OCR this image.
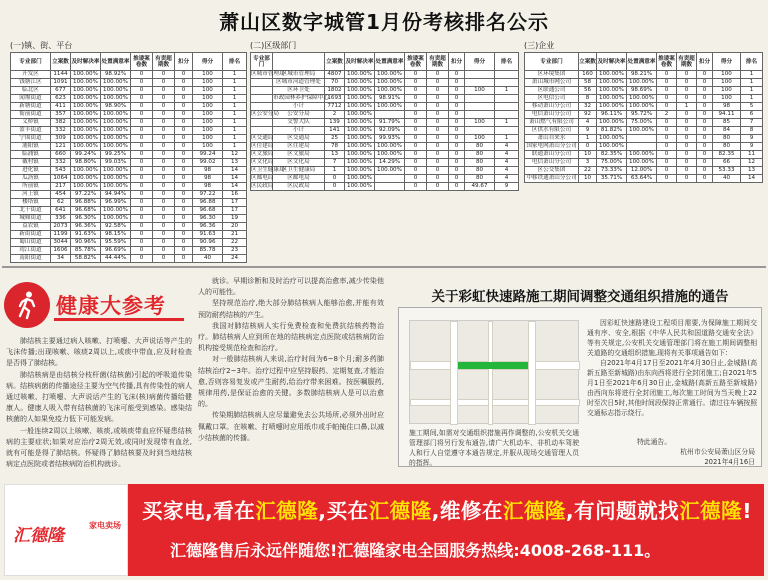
萧山区数字城管1月份考核排名公示
(一)镇、街、平台
专业部门	立案数	及时解决率	处置满意率	推诿案卷数	有责超期数	扣分	得分	排名
开发区	1144	100.00%	98.92%	0	0	0	100	1
钱塘江区	1091	100.00%	100.00%	0	0	0	100	1
临北区	677	100.00%	100.00%	0	0	0	100	1
闻堰街道	623	100.00%	100.00%	0	0	0	100	1
新塘街道	411	100.00%	98.90%	0	0	0	100	1
衙前街道	357	100.00%	100.00%	0	0	0	100	1
义桥镇	382	100.00%	100.00%	0	0	0	100	1
盈丰街道	332	100.00%	100.00%	0	0	0	100	1
宁围街道	309	100.00%	100.00%	0	0	0	100	1
浦阳镇	121	100.00%	100.00%	0	0	0	100	1
临浦镇	660	99.24%	99.25%	0	0	0	99.24	12
戴村镇	332	98.80%	99.03%	0	0	0	99.02	13
进化镇	543	100.00%	100.00%	0	0	0	98	14
瓜沥镇	1064	100.00%	100.00%	0	0	0	98	14
所前镇	217	100.00%	100.00%	0	0	0	98	14
河上镇	454	97.22%	94.94%	0	0	0	97.22	16
楼塔镇	62	96.88%	96.99%	0	0	0	96.88	17
北干街道	641	96.68%	100.00%	0	0	0	96.68	17
城厢街道	336	96.30%	100.00%	0	0	0	96.30	19
益农镇	2073	96.36%	92.58%	0	0	0	96.36	20
新街街道	1199	91.63%	98.15%	0	0	0	91.63	21
蜀山街道	3044	90.96%	95.59%	0	0	0	90.96	22
靖江街道	1606	85.78%	96.69%	0	0	0	85.78	23
南阳街道	34	58.82%	44.44%	0	0	0	40	24
(二)区级部门
专业部门		立案数	及时解决率	处置满意率	推诿案卷数	有责超期数	扣分	得分	排名
区城市管理局	区城市管理局	4807	100.00%	100.00%	0	0	0		
	区城市河道管理处	70	100.00%	100.00%	0	0	0		
	区环卫处	1802	100.00%	100.00%	0	0	0	100	1
	市政园林养护保障中心	1693	100.00%	98.91%	0	0	0		
	小计	7712	100.00%	100.00%	0	0	0		
区公安分局	公安分局	2	100.00%		0	0	0		
	交警大队	139	100.00%	91.79%	0	0	0	100	1
	小计	141	100.00%	92.09%	0	0	0		
区交通局	区交通局	25	100.00%	99.93%	0	0	0	100	1
区住建局	区住建局	78	100.00%	100.00%	0	0	0	80	4
区文旅局	区文旅局	13	100.00%	100.00%	0	0	0	80	4
区文化局	区文化局	7	100.00%	14.29%	0	0	0	80	4
区卫生健康局	区卫生健康局	1	100.00%	100.00%	0	0	0	80	4
区邮电局	区邮电局	0	100.00%		0	0	0	80	4
区民政局	区民政局	0	100.00%		0	0	0	49.67	9
(三)企业
专业部门	立案数	及时解决率	处置满意率	推诿案卷数	有责超期数	扣分	得分	排名
区环境集团	160	100.00%	98.21%	0	0	0	100	1
萧山城市网公司	58	100.00%	100.00%	0	0	0	100	1
区联通公司	56	100.00%	98.69%	0	0	0	100	1
区电信公司	8	100.00%	100.00%	0	0	0	100	1
移动萧山分公司	32	100.00%	100.00%	0	1	0	98	5
电信萧山分公司	92	96.11%	95.72%	2	0	0	94.11	6
萧山燃气有限公司	4	100.00%	75.00%	0	0	0	85	7
区供水有限公司	9	81.82%	100.00%	0	0	0	84	8
萧山自来水	1	100.00%		0	0	0	80	9
国家电网萧山分公司	0	100.00%		0	0	0	80	9
联通萧山分公司	10	82.35%	100.00%	0	0	0	82.35	11
电信萧山分公司	3	75.00%	100.00%	0	0	0	66	12
区公交集团	22	73.33%	12.00%	0	0	0	53.33	13
中移铁通萧山分公司	10	35.71%	63.64%	0	0	0	40	14
健康大参考

肺结核主要通过病人咳嗽、打喷嚏、大声说话等产生的飞沫传播;出现咳嗽、咳痰2周以上,或痰中带血,应及时检查是否得了肺结核。

肺结核病是由结核分枝杆菌(结核菌)引起的呼吸道传染病。结核病菌的传播途径主要为空气传播,具有传染性的病人通过咳嗽、打喷嚏、大声说话产生的飞沫(核)病菌传播给健康人。健康人吸入带有结核菌的飞沫可能受到感染。感染结核菌的人如果免疫力低下可能发病。

一般连续2周以上咳嗽、咳痰,或咳痰带血应怀疑患结核病的主要症状;如果对应治疗2周无效,或同时发现带有血丝,就有可能是得了肺结核。怀疑得了肺结核要及时到当地结核病定点医院或者结核病防治机构就诊。

就诊。早期诊断和及时治疗可以提高治愈率,减少传染他人的可能性。

坚持规范治疗,绝大部分肺结核病人能够治愈,并能有效预防耐药结核的产生。

我国对肺结核病人实行免费检查和免费抗结核药物治疗。肺结核病人应到所在地的结核病定点医院或结核病防治机构接受规范检查和治疗。

对一般肺结核病人来说,治疗时间为6~8个月;耐多药肺结核治疗2~3年。治疗过程中应坚持服药、定期复查,才能治愈,否则容易复发或产生耐药,给治疗带来困难。按医嘱服药,规律用药,是保证治愈的关键。多数肺结核病人是可以治愈的。

传染期肺结核病人应尽量避免去公共场所,必须外出时应佩戴口罩。在咳嗽、打喷嚏时应用纸巾或手帕掩住口鼻,以减少结核菌的传播。

关于彩虹快速路施工期间调整交通组织措施的通告

因彩虹快速路建设工程项目需要,为保障施工期间交通有序、安全,根据《中华人民共和国道路交通安全法》等有关规定,公安机关交通管理部门将在施工期间调整相关道路的交通组织措施,现将有关事项通告如下:

自2021年4月17日至2021年4月30日止,金城路(高新五路至新城路)由东向西将进行全封闭施工;自2021年5月1日至2021年6月30日止,金城路(高新五路至新城路)由西向东将进行全封闭施工,每次施工时间为当天晚上22时至次日5时,其他时间段保持正常通行。请过往车辆按照交通标志指示绕行。

施工期间,如需对交通组织措施再作调整的,公安机关交通管理部门将另行发布通告,请广大机动车、非机动车驾驶人和行人自觉遵守本通告规定,并服从现场交通管理人员的指挥。

特此通告。
杭州市公安局萧山区分局
2021年4月16日
汇德隆
家电卖场
买家电,看在汇德隆,买在汇德隆,维修在汇德隆,有问题就找汇德隆!
汇德隆售后永远伴随您!汇德隆家电全国服务热线:4008-268-111。
